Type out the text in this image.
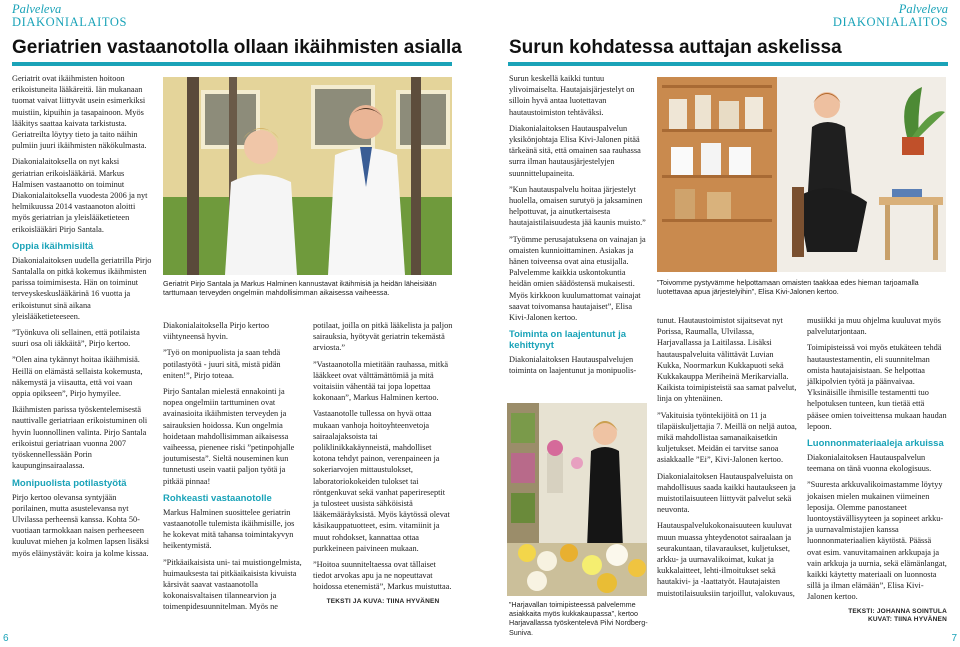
Palveleva
DIAKONIALAITOS
Geriatrien vastaanotolla ollaan ikäihmisten asialla

Geriatrit ovat ikäihmisten hoitoon erikoistuneita lääkäreitä. Iän mukanaan tuomat vaivat liittyvät usein esimerkiksi muistiin, kipuihin ja tasapainoon. Myös lääkitys saattaa kaivata tarkistusta. Geriatreilta löytyy tieto ja taito näihin pulmiin juuri ikäihmisten näkökulmasta.

Diakonialaitoksella on nyt kaksi geriatrian erikoislääkäriä. Markus Halmisen vastaanotto on toiminut Diakonialaitoksella vuodesta 2006 ja nyt helmikuussa 2014 vastaanoton aloitti myös geriatrian ja yleislääketieteen erikoislääkäri Pirjo Santala.

Oppia ikäihmisiltä

Diakonialaitoksen uudella geriatrilla Pirjo Santalalla on pitkä kokemus ikäihmisten parissa toimimisesta. Hän on toiminut terveyskeskuslääkärinä 16 vuotta ja erikoistunut sinä aikana yleislääketieteeseen.

”Työnkuva oli sellainen, että potilaista suuri osa oli iäkkäitä”, Pirjo kertoo.

”Olen aina tykännyt hoitaa ikäihmisiä. Heillä on elämästä sellaista kokemusta, näkemystä ja viisautta, että voi vaan oppia opikseen”, Pirjo hymyilee.

Ikäihmisten parissa työskentelemisestä nauttivalle geriatriaan erikoistuminen oli hyvin luonnollinen valinta. Pirjo Santala erikoistui geriatriaan vuonna 2007 työskennellessään Porin kaupunginsairaalassa.

Monipuolista potilastyötä

Pirjo kertoo olevansa syntyjään porilainen, mutta asustelevansa nyt Ulvilassa perheensä kanssa. Kohta 50-vuotiaan tarmokkaan naisen perheeseen kuuluvat miehen ja kolmen lapsen lisäksi myös eläinystävät: koira ja kolme kissaa.

Geriatrit Pirjo Santala ja Markus Halminen kannustavat ikäihmisiä ja heidän läheisiään tarttumaan terveyden ongelmiin mahdollisimman aikaisessa vaiheessa.

Diakonialaitoksella Pirjo kertoo viihtyneensä hyvin.

”Työ on monipuolista ja saan tehdä potilastyötä - juuri sitä, mistä pidän eniten!”, Pirjo toteaa.

Pirjo Santalan mielestä ennakointi ja nopea ongelmiin tarttuminen ovat avainasioita ikäihmisten terveyden ja sairauksien hoidossa. Kun ongelmia hoidetaan mahdollisimman aikaisessa vaiheessa, pienenee riski ”petinpohjalle joutumisesta”. Sieltä nouseminen kun tunnetusti usein vaatii paljon työtä ja pitkää pinnaa!

Rohkeasti vastaanotolle

Markus Halminen suosittelee geriatrin vastaanotolle tulemista ikäihmisille, jos he kokevat mitä tahansa toimintakyvyn heikentymistä.

”Pitkäaikaisista uni- tai muistiongelmista, huimauksesta tai pitkäaikaisista kivuista kärsivät saavat vastaanotolla kokonaisvaltaisen tilannearvion ja toimenpidesuunnitelman. Myös ne

potilaat, joilla on pitkä lääkelista ja paljon sairauksia, hyötyvät geriatrin tekemästä arviosta.”

”Vastaanotolla mietitään rauhassa, mitkä lääkkeet ovat välttämättömiä ja mitä voitaisiin vähentää tai jopa lopettaa kokonaan”, Markus Halminen kertoo.

Vastaanotolle tullessa on hyvä ottaa mukaan vanhoja hoitoyhteenvetoja sairaalajaksoista tai poliklinikkakäynneistä, mahdolliset kotona tehdyt painon, verenpaineen ja sokeriarvojen mittaustulokset, laboratoriokokeiden tulokset tai röntgenkuvat sekä vanhat paperireseptit ja tulosteet uusista sähköisistä lääkemääräyksistä. Myös käytössä olevat käsikauppatuotteet, esim. vitamiinit ja muut rohdokset, kannattaa ottaa purkkeineen paivineen mukaan.

”Hoitoa suunniteltaessa ovat tällaiset tiedot arvokas apu ja ne nopeuttavat hoidossa etenemistä”, Markus muistuttaa.

TEKSTI JA KUVA: TIINA HYVÄNEN
6
Palveleva
DIAKONIALAITOS
Surun kohdatessa auttajan askelissa

Surun keskellä kaikki tuntuu ylivoimaiselta. Hautajaisjärjestelyt on silloin hyvä antaa luotettavan hautaustoimiston tehtäväksi.

Diakonialaitoksen Hautauspalvelun yksikönjohtaja Elisa Kivi-Jalonen pitää tärkeänä sitä, että omainen saa rauhassa surra ilman hautausjärjestelyjen suunnittelupaineita.

”Kun hautauspalvelu hoitaa järjestelyt huolella, omaisen surutyö ja jaksaminen helpottuvat, ja ainutkertaisesta hautajaistilaisuudesta jää kaunis muisto.”

”Työmme perusajatuksena on vainajan ja omaisten kunnioittaminen. Asiakas ja hänen toiveensa ovat aina etusijalla. Palvelemme kaikkia uskontokuntia heidän omien säädöstensä mukaisesti. Myös kirkkoon kuulumattomat vainajat saavat toivomansa hautajaiset”, Elisa Kivi-Jalonen kertoo.

Toiminta on laajentunut ja kehittynyt

Diakonialaitoksen Hautauspalvelujen toiminta on laajentunut ja monipuolis-

”Toivomme pystyvämme helpottamaan omaisten taakkaa edes hieman tarjoamalla luotettavaa apua järjestelyihin”, Elisa Kivi-Jalonen kertoo.
”Harjavallan toimipisteessä palvelemme asiakkaita myös kukkakaupassa”, kertoo Harjavallassa työskentelevä Pilvi Nordberg-Suniva.

tunut. Hautaustoimistot sijaitsevat nyt Porissa, Raumalla, Ulvilassa, Harjavallassa ja Laitilassa. Lisäksi hautauspalveluita välittävät Luvian Kukka, Noormarkun Kukkapuoti sekä Kukkakauppa Meriheinä Merikarvialla. Kaikista toimipisteistä saa samat palvelut, linja on yhtenäinen.

”Vakituisia työntekijöitä on 11 ja tilapäiskuljettajia 7. Meillä on neljä autoa, mikä mahdollistaa samanaikaisetkin kuljetukset. Meidän ei tarvitse sanoa asiakkaalle ”Ei”, Kivi-Jalonen kertoo.

Diakonialaitoksen Hautauspalveluista on mahdollisuus saada kaikki hautaukseen ja muistotilaisuuteen liittyvät palvelut sekä neuvonta.

Hautauspalvelukokonaisuuteen kuuluvat muun muassa yhteydenotot sairaalaan ja seurakuntaan, tilavaraukset, kuljetukset, arkku- ja uurnavalikoimat, kukat ja kukkalaitteet, lehti-ilmoitukset sekä hautakivi- ja -laattatyöt. Hautajaisten muistotilaisuuksiin tarjoillut, valokuvaus,

musiikki ja muu ohjelma kuuluvat myös palvelutarjontaan.

Toimipisteissä voi myös etukäteen tehdä hautaustestamentin, eli suunnitelman omista hautajaisistaan. Se helpottaa jälkipolvien työtä ja päänvaivaa. Yksinäisille ihmisille testamentti tuo helpotuksen tunteen, kun tietää että pääsee omien toiveittensa mukaan haudan lepoon.

Luonnonmateriaaleja arkuissa

Diakonialaitoksen Hautauspalvelun teemana on tänä vuonna ekologisuus.

”Suuresta arkkuvalikoimastamme löytyy jokaisen mielen mukainen viimeinen leposija. Olemme panostaneet luontoystävällisyyteen ja sopineet arkku- ja uurnavalmistajien kanssa luonnonmateriaalien käytöstä. Päässä ovat esim. vanuvitamainen arkkupaja ja vain arkkuja ja uurnia, sekä elämänlangat, kaikki käytetty materiaali on luonnosta sillä ja ilman elämään”, Elisa Kivi-Jalonen kertoo.

TEKSTI: JOHANNA SOINTULA
KUVAT: TIINA HYVÄNEN
7
